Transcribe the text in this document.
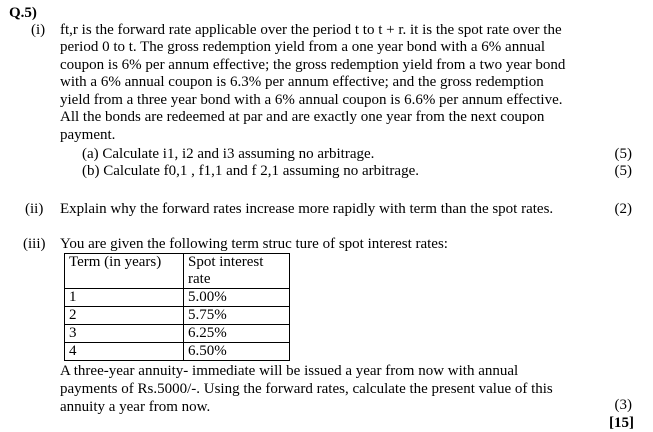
Q.5)
(i) ft,r is the forward rate applicable over the period t to t + r. it is the spot rate over the
period 0 to t. The gross redemption yield from a one year bond with a 6% annual
coupon is 6% per annum effective; the gross redemption yield from a two year bond
with a 6% annual coupon is 6.3% per annum effective; and the gross redemption
yield from a three year bond with a 6% annual coupon is 6.6% per annum effective.
All the bonds are redeemed at par and are exactly one year from the next coupon
payment.
(a) Calculate i1, i2 and i3 assuming no arbitrage.	(5)
(b) Calculate f0,1 , f1,1 and f 2,1 assuming no arbitrage.	(5)
(ii) Explain why the forward rates increase more rapidly with term than the spot rates.	(2)
(iii) You are given the following term struc ture of spot interest rates:
Term (in years)	Spot interest rate
1	5.00%
2	5.75%
3	6.25%
4	6.50%
A three-year annuity- immediate will be issued a year from now with annual
payments of Rs.5000/-. Using the forward rates, calculate the present value of this
annuity a year from now.	(3)
[15]
